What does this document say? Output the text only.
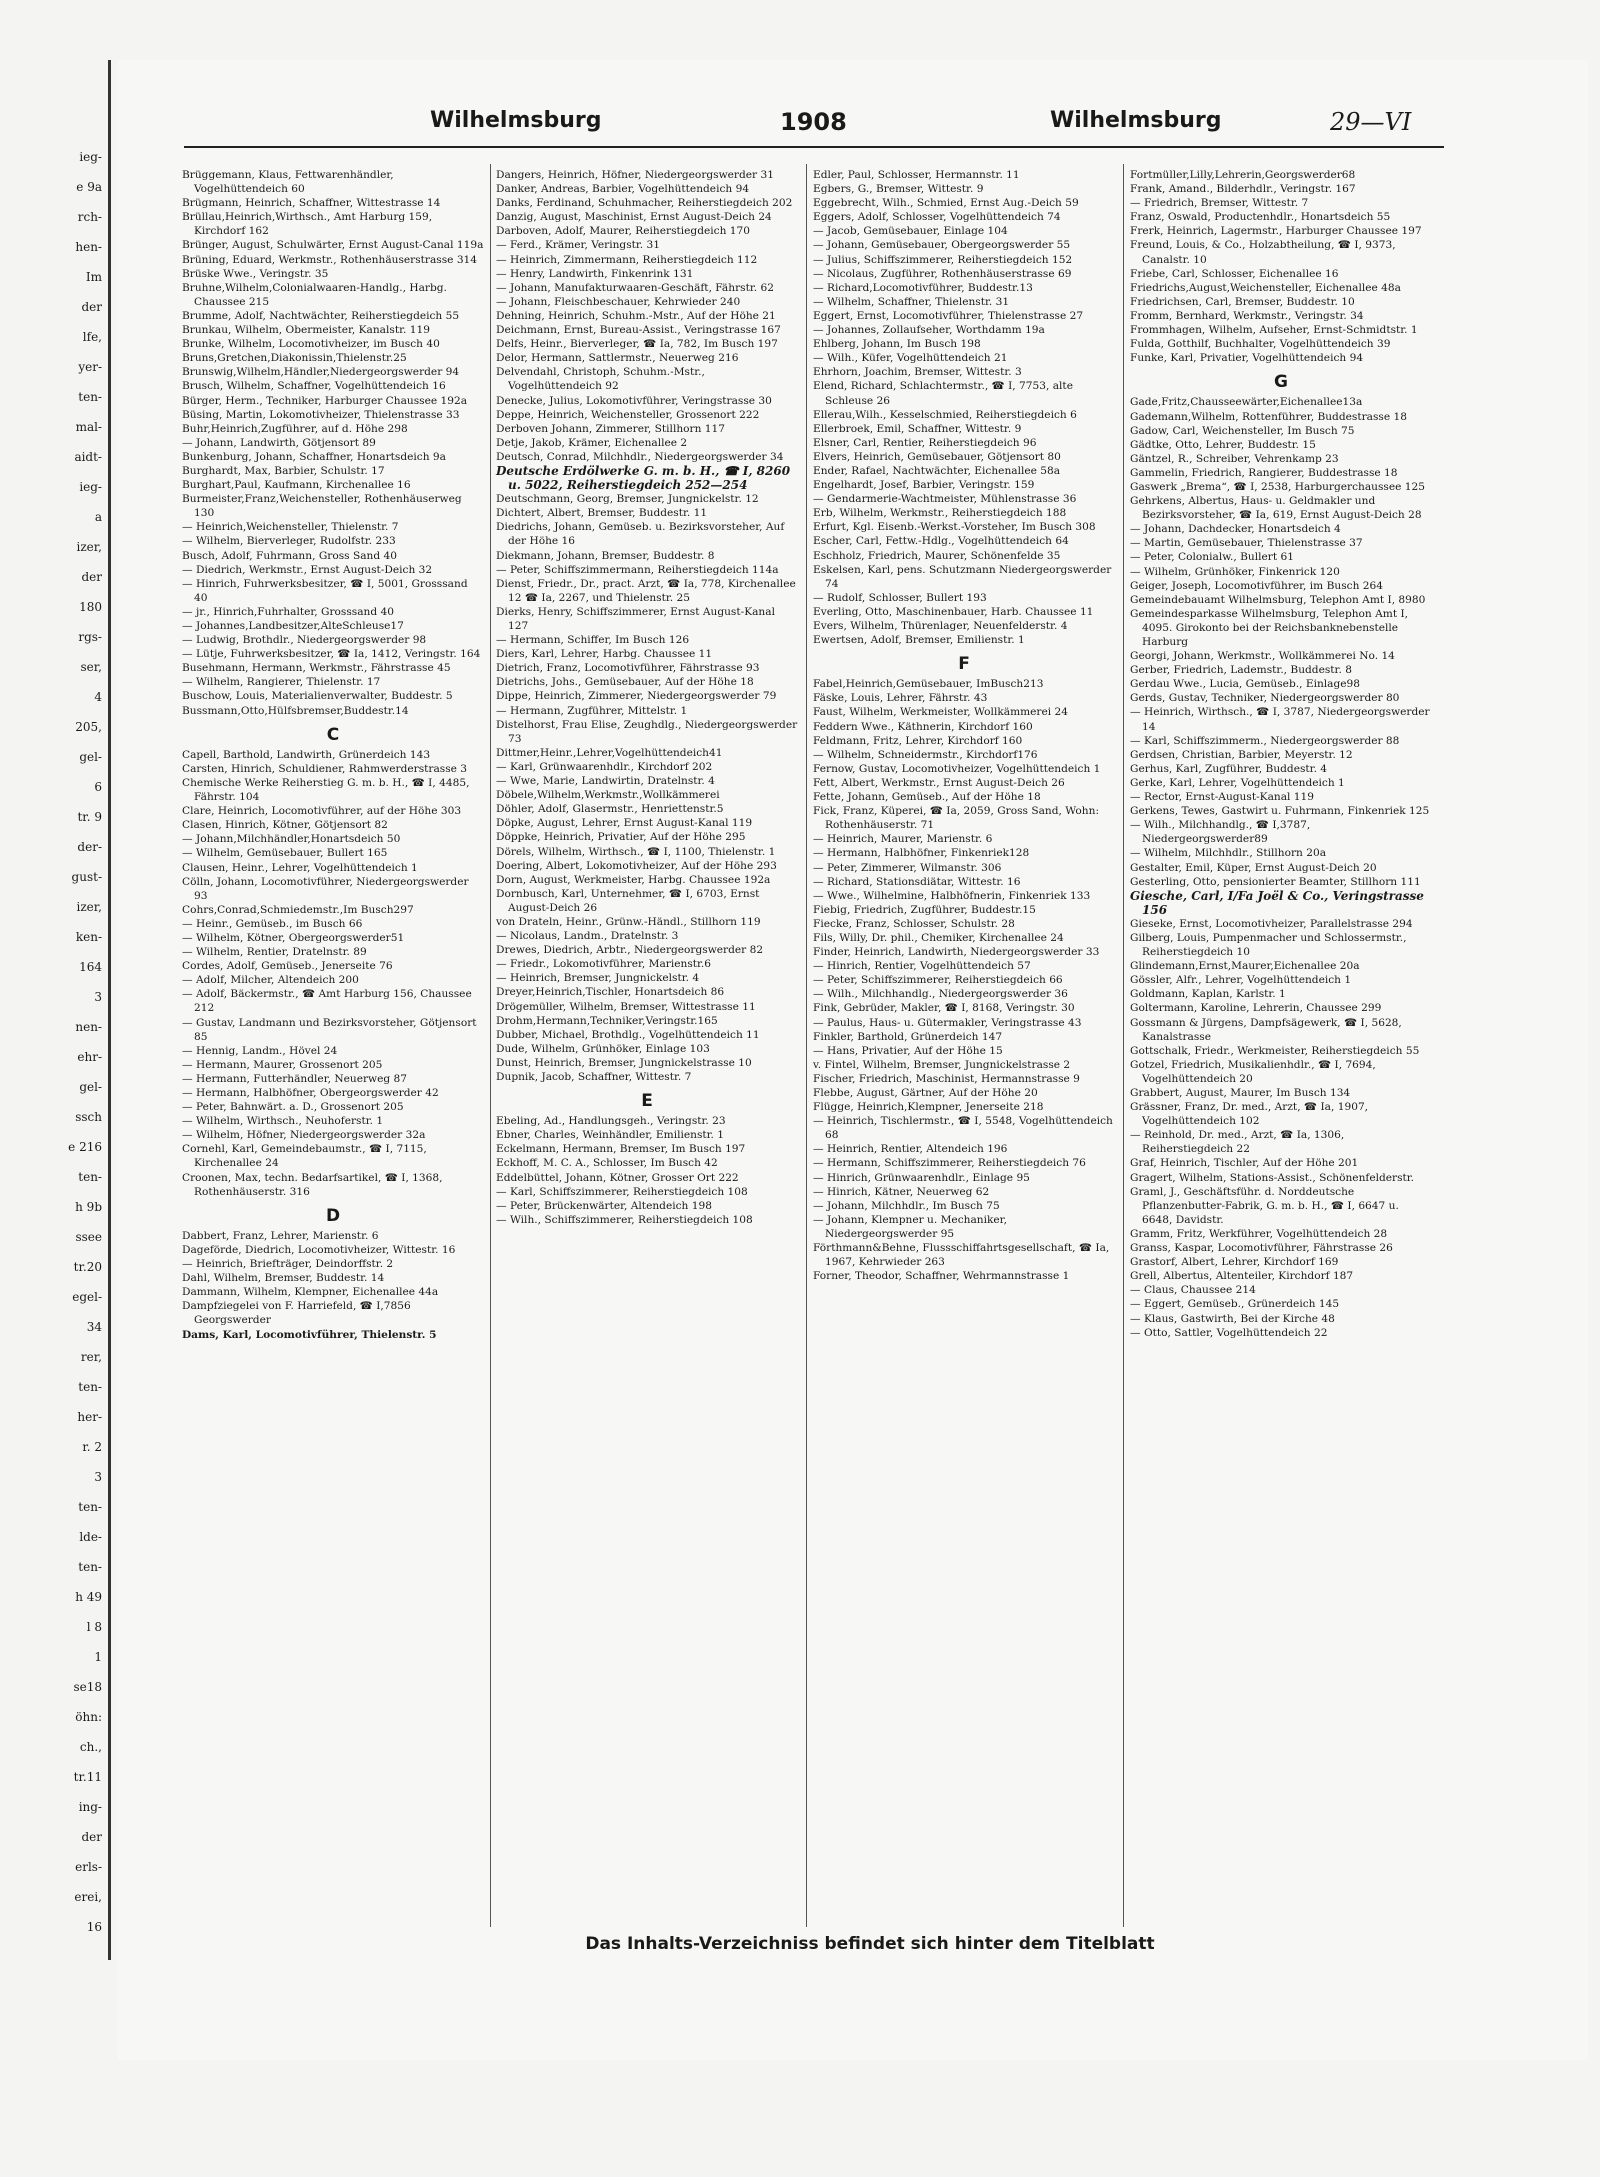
ieg-
e 9a
rch-
hen-
Im
der
lfe,
yer-
ten-
mal-
aidt-
ieg-
a
izer,
der
180
rgs-
ser,
4
205,
gel-
6
tr. 9
der-
gust-
izer,
ken-
164
3
nen-
ehr-
gel-
ssch
e 216
ten-
h 9b
ssee
tr.20
egel-
34
rer,
ten-
her-
r. 2
3
ten-
lde-
ten-
h 49
l 8
1
se18
öhn:
ch.,
tr.11
ing-
der
erls-
erei,
16
Wilhelmsburg	1908	Wilhelmsburg	29—VI

Brüggemann, Klaus, Fettwarenhändler, Vogelhüttendeich 60

Brügmann, Heinrich, Schaffner, Wittestrasse 14

Brüllau,Heinrich,Wirthsch., Amt Harburg 159, Kirchdorf 162

Brünger, August, Schulwärter, Ernst August-Canal 119a

Brüning, Eduard, Werkmstr., Rothenhäuserstrasse 314

Brüske Wwe., Veringstr. 35

Bruhne,Wilhelm,Colonialwaaren-Handlg., Harbg. Chaussee 215

Brumme, Adolf, Nachtwächter, Reiherstiegdeich 55

Brunkau, Wilhelm, Obermeister, Kanalstr. 119

Brunke, Wilhelm, Locomotivheizer, im Busch 40

Bruns,Gretchen,Diakonissin,Thielenstr.25

Brunswig,Wilhelm,Händler,Niedergeorgswerder 94

Brusch, Wilhelm, Schaffner, Vogelhüttendeich 16

Bürger, Herm., Techniker, Harburger Chaussee 192a

Büsing, Martin, Lokomotivheizer, Thielenstrasse 33

Buhr,Heinrich,Zugführer, auf d. Höhe 298

— Johann, Landwirth, Götjensort 89

Bunkenburg, Johann, Schaffner, Honartsdeich 9a

Burghardt, Max, Barbier, Schulstr. 17

Burghart,Paul, Kaufmann, Kirchenallee 16

Burmeister,Franz,Weichensteller, Rothenhäuserweg 130

— Heinrich,Weichensteller, Thielenstr. 7

— Wilhelm, Bierverleger, Rudolfstr. 233

Busch, Adolf, Fuhrmann, Gross Sand 40

— Diedrich, Werkmstr., Ernst August-Deich 32

— Hinrich, Fuhrwerksbesitzer, ☎ I, 5001, Grosssand 40

— jr., Hinrich,Fuhrhalter, Grosssand 40

— Johannes,Landbesitzer,AlteSchleuse17

— Ludwig, Brothdlr., Niedergeorgswerder 98

— Lütje, Fuhrwerksbesitzer, ☎ Ia, 1412, Veringstr. 164

Busehmann, Hermann, Werkmstr., Fährstrasse 45

— Wilhelm, Rangierer, Thielenstr. 17

Buschow, Louis, Materialienverwalter, Buddestr. 5

Bussmann,Otto,Hülfsbremser,Buddestr.14

C

Capell, Barthold, Landwirth, Grünerdeich 143

Carsten, Hinrich, Schuldiener, Rahmwerderstrasse 3

Chemische Werke Reiherstieg G. m. b. H., ☎ I, 4485, Fährstr. 104

Clare, Heinrich, Locomotivführer, auf der Höhe 303

Clasen, Hinrich, Kötner, Götjensort 82

— Johann,Milchhändler,Honartsdeich 50

— Wilhelm, Gemüsebauer, Bullert 165

Clausen, Heinr., Lehrer, Vogelhüttendeich 1

Cölln, Johann, Locomotivführer, Niedergeorgswerder 93

Cohrs,Conrad,Schmiedemstr.,Im Busch297

— Heinr., Gemüseb., im Busch 66

— Wilhelm, Kötner, Obergeorgswerder51

— Wilhelm, Rentier, Dratelnstr. 89

Cordes, Adolf, Gemüseb., Jenerseite 76

— Adolf, Milcher, Altendeich 200

— Adolf, Bäckermstr., ☎ Amt Harburg 156, Chaussee 212

— Gustav, Landmann und Bezirksvorsteher, Götjensort 85

— Hennig, Landm., Hövel 24

— Hermann, Maurer, Grossenort 205

— Hermann, Futterhändler, Neuerweg 87

— Hermann, Halbhöfner, Obergeorgswerder 42

— Peter, Bahnwärt. a. D., Grossenort 205

— Wilhelm, Wirthsch., Neuhoferstr. 1

— Wilhelm, Höfner, Niedergeorgswerder 32a

Cornehl, Karl, Gemeindebaumstr., ☎ I, 7115, Kirchenallee 24

Croonen, Max, techn. Bedarfsartikel, ☎ I, 1368, Rothenhäuserstr. 316

D

Dabbert, Franz, Lehrer, Marienstr. 6

Dageförde, Diedrich, Locomotivheizer, Wittestr. 16

— Heinrich, Briefträger, Deindorffstr. 2

Dahl, Wilhelm, Bremser, Buddestr. 14

Dammann, Wilhelm, Klempner, Eichenallee 44a

Dampfziegelei von F. Harriefeld, ☎ I,7856 Georgswerder

Dams, Karl, Locomotivführer, Thielenstr. 5

Dangers, Heinrich, Höfner, Niedergeorgswerder 31

Danker, Andreas, Barbier, Vogelhüttendeich 94

Danks, Ferdinand, Schuhmacher, Reiherstiegdeich 202

Danzig, August, Maschinist, Ernst August-Deich 24

Darboven, Adolf, Maurer, Reiherstiegdeich 170

— Ferd., Krämer, Veringstr. 31

— Heinrich, Zimmermann, Reiherstiegdeich 112

— Henry, Landwirth, Finkenrink 131

— Johann, Manufakturwaaren-Geschäft, Fährstr. 62

— Johann, Fleischbeschauer, Kehrwieder 240

Dehning, Heinrich, Schuhm.-Mstr., Auf der Höhe 21

Deichmann, Ernst, Bureau-Assist., Veringstrasse 167

Delfs, Heinr., Bierverleger, ☎ Ia, 782, Im Busch 197

Delor, Hermann, Sattlermstr., Neuerweg 216

Delvendahl, Christoph, Schuhm.-Mstr., Vogelhüttendeich 92

Denecke, Julius, Lokomotivführer, Veringstrasse 30

Deppe, Heinrich, Weichensteller, Grossenort 222

Derboven Johann, Zimmerer, Stillhorn 117

Detje, Jakob, Krämer, Eichenallee 2

Deutsch, Conrad, Milchhdlr., Niedergeorgswerder 34

Deutsche Erdölwerke G. m. b. H., ☎ I, 8260 u. 5022, Reiherstiegdeich 252—254

Deutschmann, Georg, Bremser, Jungnickelstr. 12

Dichtert, Albert, Bremser, Buddestr. 11

Diedrichs, Johann, Gemüseb. u. Bezirksvorsteher, Auf der Höhe 16

Diekmann, Johann, Bremser, Buddestr. 8

— Peter, Schiffszimmermann, Reiherstiegdeich 114a

Dienst, Friedr., Dr., pract. Arzt, ☎ Ia, 778, Kirchenallee 12 ☎ Ia, 2267, und Thielenstr. 25

Dierks, Henry, Schiffszimmerer, Ernst August-Kanal 127

— Hermann, Schiffer, Im Busch 126

Diers, Karl, Lehrer, Harbg. Chaussee 11

Dietrich, Franz, Locomotivführer, Fährstrasse 93

Dietrichs, Johs., Gemüsebauer, Auf der Höhe 18

Dippe, Heinrich, Zimmerer, Niedergeorgswerder 79

— Hermann, Zugführer, Mittelstr. 1

Distelhorst, Frau Elise, Zeughdlg., Niedergeorgswerder 73

Dittmer,Heinr.,Lehrer,Vogelhüttendeich41

— Karl, Grünwaarenhdlr., Kirchdorf 202

— Wwe, Marie, Landwirtin, Dratelnstr. 4

Döbele,Wilhelm,Werkmstr.,Wollkämmerei

Döhler, Adolf, Glasermstr., Henriettenstr.5

Döpke, August, Lehrer, Ernst August-Kanal 119

Döppke, Heinrich, Privatier, Auf der Höhe 295

Dörels, Wilhelm, Wirthsch., ☎ I, 1100, Thielenstr. 1

Doering, Albert, Lokomotivheizer, Auf der Höhe 293

Dorn, August, Werkmeister, Harbg. Chaussee 192a

Dornbusch, Karl, Unternehmer, ☎ I, 6703, Ernst August-Deich 26

von Drateln, Heinr., Grünw.-Händl., Stillhorn 119

— Nicolaus, Landm., Dratelnstr. 3

Drewes, Diedrich, Arbtr., Niedergeorgswerder 82

— Friedr., Lokomotivführer, Marienstr.6

— Heinrich, Bremser, Jungnickelstr. 4

Dreyer,Heinrich,Tischler, Honartsdeich 86

Drögemüller, Wilhelm, Bremser, Wittestrasse 11

Drohm,Hermann,Techniker,Veringstr.165

Dubber, Michael, Brothdlg., Vogelhüttendeich 11

Dude, Wilhelm, Grünhöker, Einlage 103

Dunst, Heinrich, Bremser, Jungnickelstrasse 10

Dupnik, Jacob, Schaffner, Wittestr. 7

E

Ebeling, Ad., Handlungsgeh., Veringstr. 23

Ebner, Charles, Weinhändler, Emilienstr. 1

Eckelmann, Hermann, Bremser, Im Busch 197

Eckhoff, M. C. A., Schlosser, Im Busch 42

Eddelbüttel, Johann, Kötner, Grosser Ort 222

— Karl, Schiffszimmerer, Reiherstiegdeich 108

— Peter, Brückenwärter, Altendeich 198

— Wilh., Schiffszimmerer, Reiherstiegdeich 108

Edler, Paul, Schlosser, Hermannstr. 11

Egbers, G., Bremser, Wittestr. 9

Eggebrecht, Wilh., Schmied, Ernst Aug.-Deich 59

Eggers, Adolf, Schlosser, Vogelhüttendeich 74

— Jacob, Gemüsebauer, Einlage 104

— Johann, Gemüsebauer, Obergeorgswerder 55

— Julius, Schiffszimmerer, Reiherstiegdeich 152

— Nicolaus, Zugführer, Rothenhäuserstrasse 69

— Richard,Locomotivführer, Buddestr.13

— Wilhelm, Schaffner, Thielenstr. 31

Eggert, Ernst, Locomotivführer, Thielenstrasse 27

— Johannes, Zollaufseher, Worthdamm 19a

Ehlberg, Johann, Im Busch 198

— Wilh., Küfer, Vogelhüttendeich 21

Ehrhorn, Joachim, Bremser, Wittestr. 3

Elend, Richard, Schlachtermstr., ☎ I, 7753, alte Schleuse 26

Ellerau,Wilh., Kesselschmied, Reiherstiegdeich 6

Ellerbroek, Emil, Schaffner, Wittestr. 9

Elsner, Carl, Rentier, Reiherstiegdeich 96

Elvers, Heinrich, Gemüsebauer, Götjensort 80

Ender, Rafael, Nachtwächter, Eichenallee 58a

Engelhardt, Josef, Barbier, Veringstr. 159

— Gendarmerie-Wachtmeister, Mühlenstrasse 36

Erb, Wilhelm, Werkmstr., Reiherstiegdeich 188

Erfurt, Kgl. Eisenb.-Werkst.-Vorsteher, Im Busch 308

Escher, Carl, Fettw.-Hdlg., Vogelhüttendeich 64

Eschholz, Friedrich, Maurer, Schönenfelde 35

Eskelsen, Karl, pens. Schutzmann Niedergeorgswerder 74

— Rudolf, Schlosser, Bullert 193

Everling, Otto, Maschinenbauer, Harb. Chaussee 11

Evers, Wilhelm, Thürenlager, Neuenfelderstr. 4

Ewertsen, Adolf, Bremser, Emilienstr. 1

F

Fabel,Heinrich,Gemüsebauer, ImBusch213

Fäske, Louis, Lehrer, Fährstr. 43

Faust, Wilhelm, Werkmeister, Wollkämmerei 24

Feddern Wwe., Käthnerin, Kirchdorf 160

Feldmann, Fritz, Lehrer, Kirchdorf 160

— Wilhelm, Schneidermstr., Kirchdorf176

Fernow, Gustav, Locomotivheizer, Vogelhüttendeich 1

Fett, Albert, Werkmstr., Ernst August-Deich 26

Fette, Johann, Gemüseb., Auf der Höhe 18

Fick, Franz, Küperei, ☎ Ia, 2059, Gross Sand, Wohn: Rothenhäuserstr. 71

— Heinrich, Maurer, Marienstr. 6

— Hermann, Halbhöfner, Finkenriek128

— Peter, Zimmerer, Wilmanstr. 306

— Richard, Stationsdiätar, Wittestr. 16

— Wwe., Wilhelmine, Halbhöfnerin, Finkenriek 133

Fiebig, Friedrich, Zugführer, Buddestr.15

Fiecke, Franz, Schlosser, Schulstr. 28

Fils, Willy, Dr. phil., Chemiker, Kirchenallee 24

Finder, Heinrich, Landwirth, Niedergeorgswerder 33

— Hinrich, Rentier, Vogelhüttendeich 57

— Peter, Schiffszimmerer, Reiherstiegdeich 66

— Wilh., Milchhandlg., Niedergeorgswerder 36

Fink, Gebrüder, Makler, ☎ I, 8168, Veringstr. 30

— Paulus, Haus- u. Gütermakler, Veringstrasse 43

Finkler, Barthold, Grünerdeich 147

— Hans, Privatier, Auf der Höhe 15

v. Fintel, Wilhelm, Bremser, Jungnickelstrasse 2

Fischer, Friedrich, Maschinist, Hermannstrasse 9

Flebbe, August, Gärtner, Auf der Höhe 20

Flügge, Heinrich,Klempner, Jenerseite 218

— Heinrich, Tischlermstr., ☎ I, 5548, Vogelhüttendeich 68

— Heinrich, Rentier, Altendeich 196

— Hermann, Schiffszimmerer, Reiherstiegdeich 76

— Hinrich, Grünwaarenhdlr., Einlage 95

— Hinrich, Kätner, Neuerweg 62

— Johann, Milchhdlr., Im Busch 75

— Johann, Klempner u. Mechaniker, Niedergeorgswerder 95

Förthmann&Behne, Flussschiffahrtsgesellschaft, ☎ Ia, 1967, Kehrwieder 263

Forner, Theodor, Schaffner, Wehrmannstrasse 1

Fortmüller,Lilly,Lehrerin,Georgswerder68

Frank, Amand., Bilderhdlr., Veringstr. 167

— Friedrich, Bremser, Wittestr. 7

Franz, Oswald, Productenhdlr., Honartsdeich 55

Frerk, Heinrich, Lagermstr., Harburger Chaussee 197

Freund, Louis, & Co., Holzabtheilung, ☎ I, 9373, Canalstr. 10

Friebe, Carl, Schlosser, Eichenallee 16

Friedrichs,August,Weichensteller, Eichenallee 48a

Friedrichsen, Carl, Bremser, Buddestr. 10

Fromm, Bernhard, Werkmstr., Veringstr. 34

Frommhagen, Wilhelm, Aufseher, Ernst-Schmidtstr. 1

Fulda, Gotthilf, Buchhalter, Vogelhüttendeich 39

Funke, Karl, Privatier, Vogelhüttendeich 94

G

Gade,Fritz,Chausseewärter,Eichenallee13a

Gademann,Wilhelm, Rottenführer, Buddestrasse 18

Gadow, Carl, Weichensteller, Im Busch 75

Gädtke, Otto, Lehrer, Buddestr. 15

Gäntzel, R., Schreiber, Vehrenkamp 23

Gammelin, Friedrich, Rangierer, Buddestrasse 18

Gaswerk „Brema“, ☎ I, 2538, Harburgerchaussee 125

Gehrkens, Albertus, Haus- u. Geldmakler und Bezirksvorsteher, ☎ Ia, 619, Ernst August-Deich 28

— Johann, Dachdecker, Honartsdeich 4

— Martin, Gemüsebauer, Thielenstrasse 37

— Peter, Colonialw., Bullert 61

— Wilhelm, Grünhöker, Finkenrick 120

Geiger, Joseph, Locomotivführer, im Busch 264

Gemeindebauamt Wilhelmsburg, Telephon Amt I, 8980

Gemeindesparkasse Wilhelmsburg, Telephon Amt I, 4095. Girokonto bei der Reichsbanknebenstelle Harburg

Georgi, Johann, Werkmstr., Wollkämmerei No. 14

Gerber, Friedrich, Lademstr., Buddestr. 8

Gerdau Wwe., Lucia, Gemüseb., Einlage98

Gerds, Gustav, Techniker, Niedergeorgswerder 80

— Heinrich, Wirthsch., ☎ I, 3787, Niedergeorgswerder 14

— Karl, Schiffszimmerm., Niedergeorgswerder 88

Gerdsen, Christian, Barbier, Meyerstr. 12

Gerhus, Karl, Zugführer, Buddestr. 4

Gerke, Karl, Lehrer, Vogelhüttendeich 1

— Rector, Ernst-August-Kanal 119

Gerkens, Tewes, Gastwirt u. Fuhrmann, Finkenriek 125

— Wilh., Milchhandlg., ☎ I,3787, Niedergeorgswerder89

— Wilhelm, Milchhdlr., Stillhorn 20a

Gestalter, Emil, Küper, Ernst August-Deich 20

Gesterling, Otto, pensionierter Beamter, Stillhorn 111

Giesche, Carl, I/Fa Joël & Co., Veringstrasse 156

Gieseke, Ernst, Locomotivheizer, Parallelstrasse 294

Gilberg, Louis, Pumpenmacher und Schlossermstr., Reiherstiegdeich 10

Glindemann,Ernst,Maurer,Eichenallee 20a

Gössler, Alfr., Lehrer, Vogelhüttendeich 1

Goldmann, Kaplan, Karlstr. 1

Goltermann, Karoline, Lehrerin, Chaussee 299

Gossmann & Jürgens, Dampfsägewerk, ☎ I, 5628, Kanalstrasse

Gottschalk, Friedr., Werkmeister, Reiherstiegdeich 55

Gotzel, Friedrich, Musikalienhdlr., ☎ I, 7694, Vogelhüttendeich 20

Grabbert, August, Maurer, Im Busch 134

Grässner, Franz, Dr. med., Arzt, ☎ Ia, 1907, Vogelhüttendeich 102

— Reinhold, Dr. med., Arzt, ☎ Ia, 1306, Reiherstiegdeich 22

Graf, Heinrich, Tischler, Auf der Höhe 201

Gragert, Wilhelm, Stations-Assist., Schönenfelderstr.

Graml, J., Geschäftsführ. d. Norddeutsche Pflanzenbutter-Fabrik, G. m. b. H., ☎ I, 6647 u. 6648, Davidstr.

Gramm, Fritz, Werkführer, Vogelhüttendeich 28

Granss, Kaspar, Locomotivführer, Fährstrasse 26

Grastorf, Albert, Lehrer, Kirchdorf 169

Grell, Albertus, Altenteiler, Kirchdorf 187

— Claus, Chaussee 214

— Eggert, Gemüseb., Grünerdeich 145

— Klaus, Gastwirth, Bei der Kirche 48

— Otto, Sattler, Vogelhüttendeich 22

Das Inhalts-Verzeichniss befindet sich hinter dem Titelblatt
